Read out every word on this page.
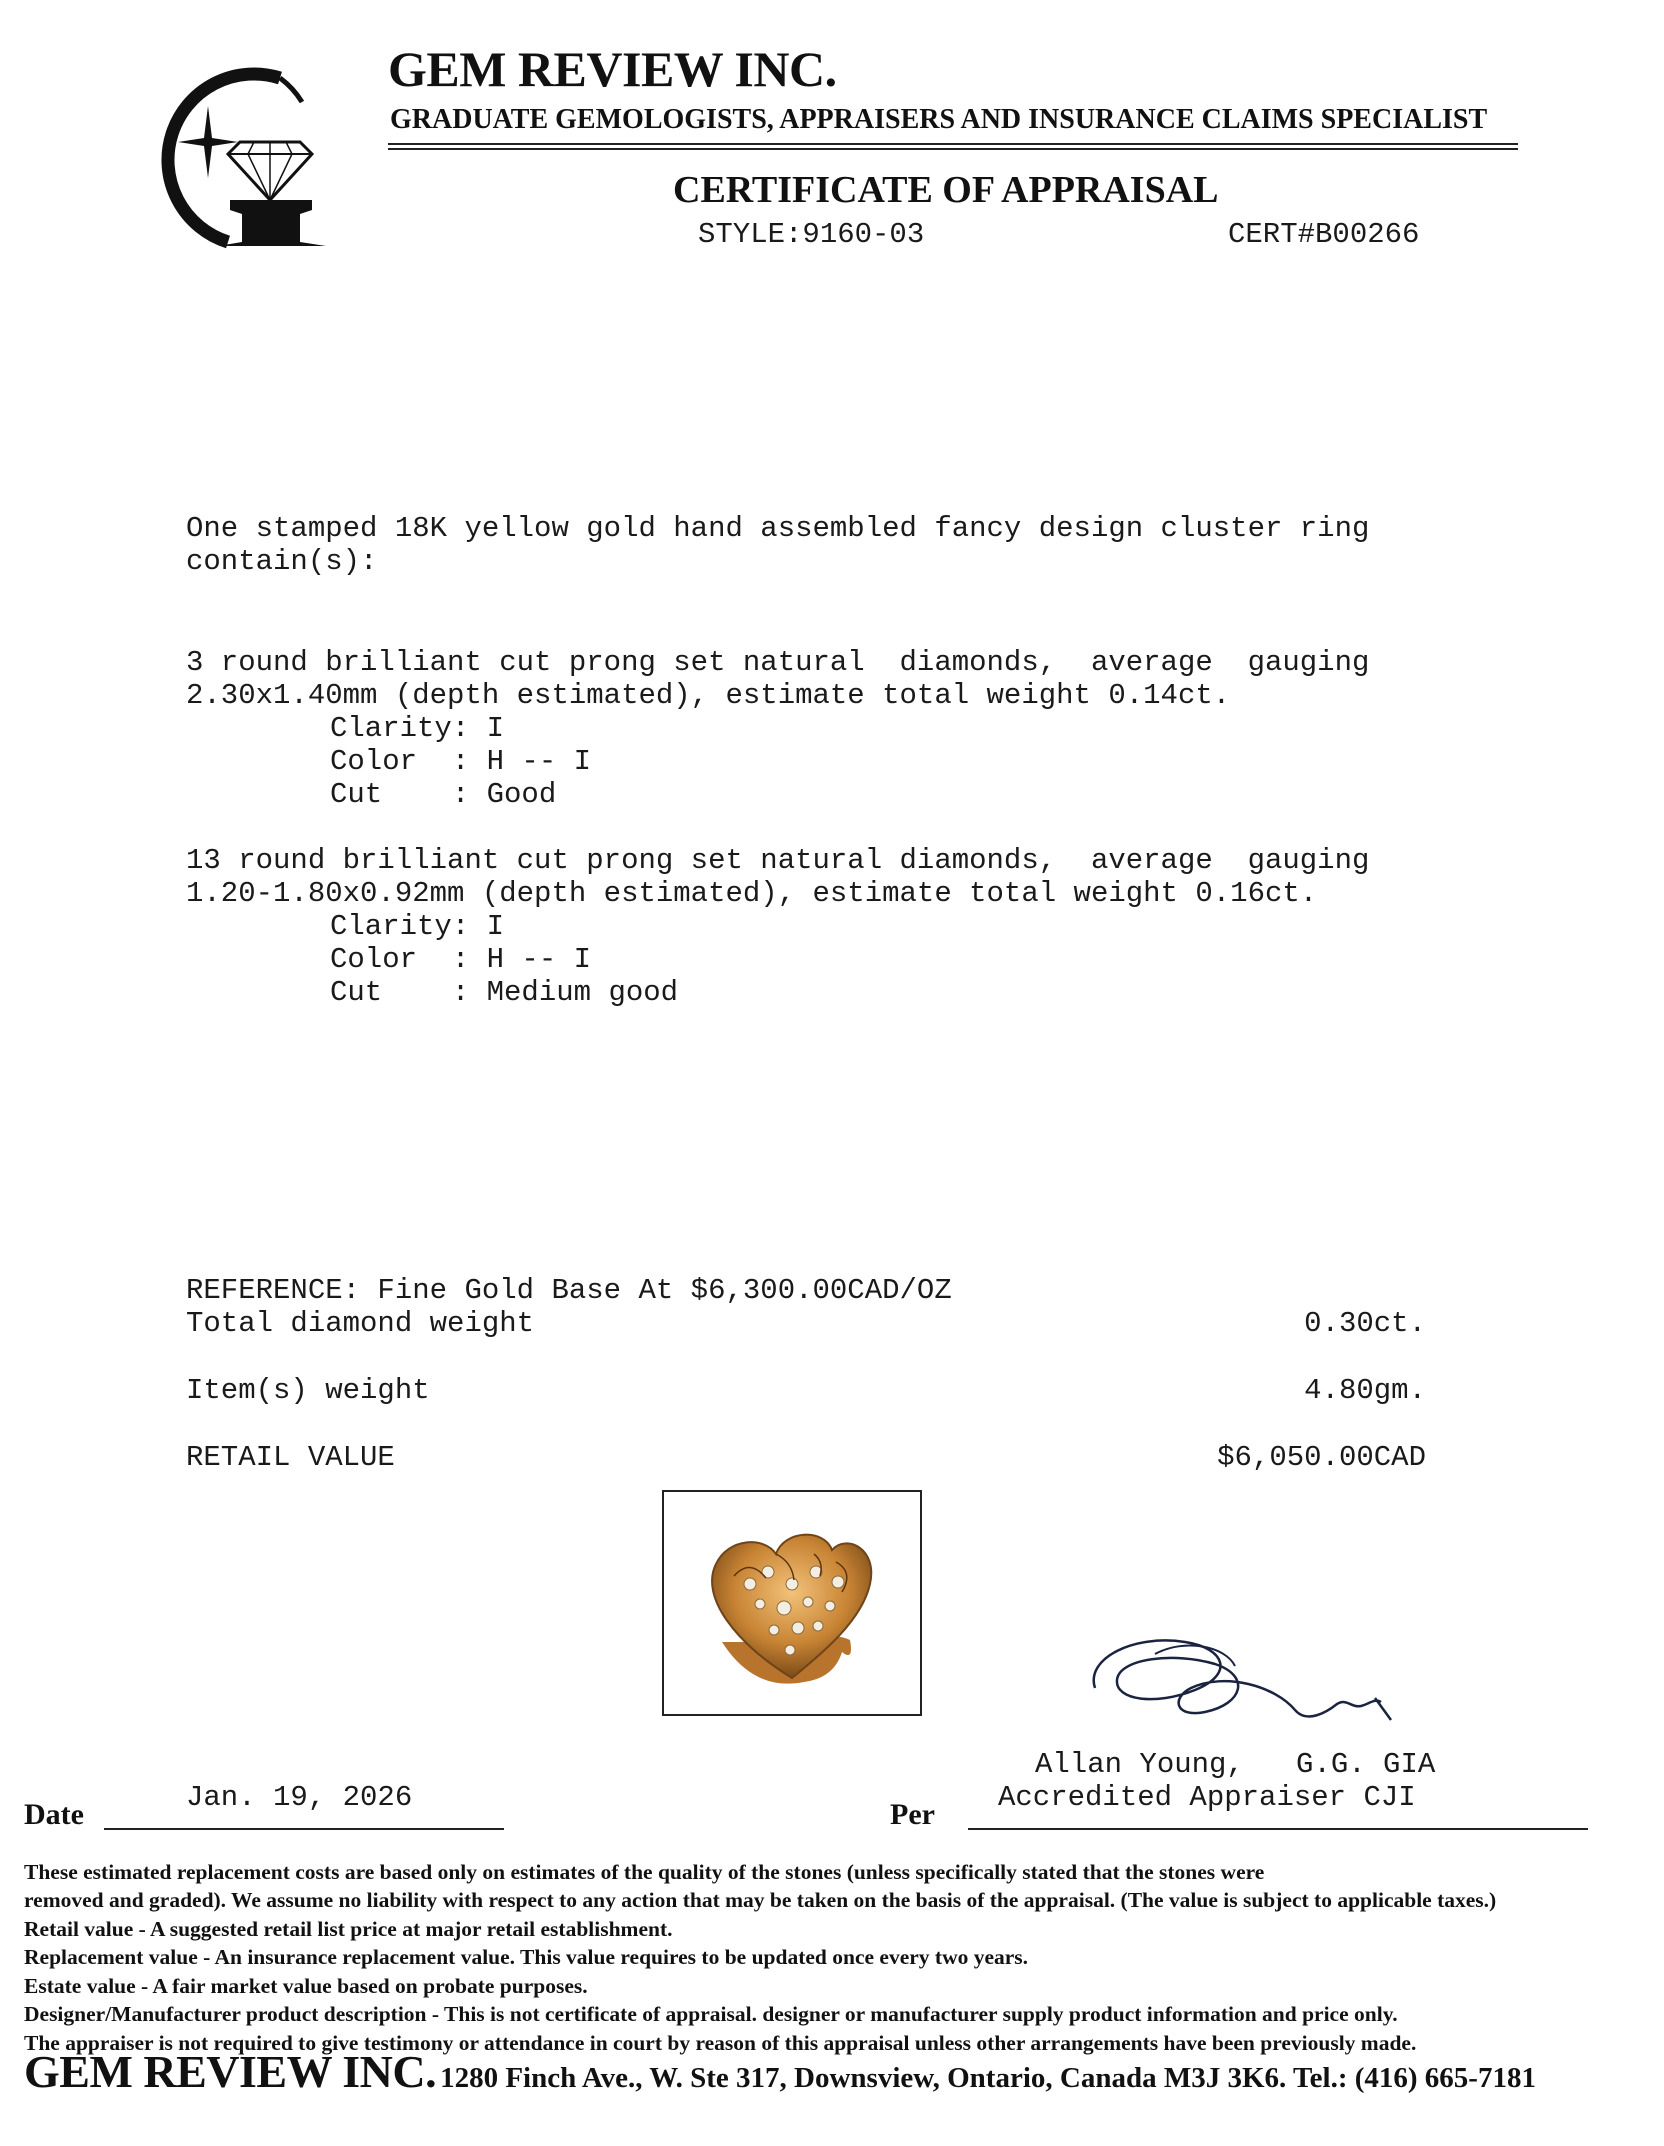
GEM REVIEW INC.
GRADUATE GEMOLOGISTS, APPRAISERS AND INSURANCE CLAIMS SPECIALIST
CERTIFICATE OF APPRAISAL
STYLE:9160-03	CERT#B00266
One stamped 18K yellow gold hand assembled fancy design cluster ring
contain(s):
3 round brilliant cut prong set natural  diamonds,  average  gauging
2.30x1.40mm (depth estimated), estimate total weight 0.14ct.
Clarity: I
Color  : H -- I
Cut    : Good
13 round brilliant cut prong set natural diamonds,  average  gauging
1.20-1.80x0.92mm (depth estimated), estimate total weight 0.16ct.
Clarity: I
Color  : H -- I
Cut    : Medium good
REFERENCE: Fine Gold Base At $6,300.00CAD/OZ
Total diamond weight	0.30ct.
Item(s) weight	4.80gm.
RETAIL VALUE	$6,050.00CAD
Allan Young,   G.G. GIA
Accredited Appraiser CJI
Date
Jan. 19, 2026
Per
These estimated replacement costs are based only on estimates of the quality of the stones (unless specifically stated that the stones were
removed and graded). We assume no liability with respect to any action that may be taken on the basis of the appraisal. (The value is subject to applicable taxes.)
Retail value - A suggested retail list price at major retail establishment.
Replacement value - An insurance replacement value. This value requires to be updated once every two years.
Estate value - A fair market value based on probate purposes.
Designer/Manufacturer product description - This is not certificate of appraisal. designer or manufacturer supply product information and price only.
The appraiser is not required to give testimony or attendance in court by reason of this appraisal unless other arrangements have been previously made.
GEM REVIEW INC. 1280 Finch Ave., W. Ste 317, Downsview, Ontario, Canada M3J 3K6. Tel.: (416) 665-7181
